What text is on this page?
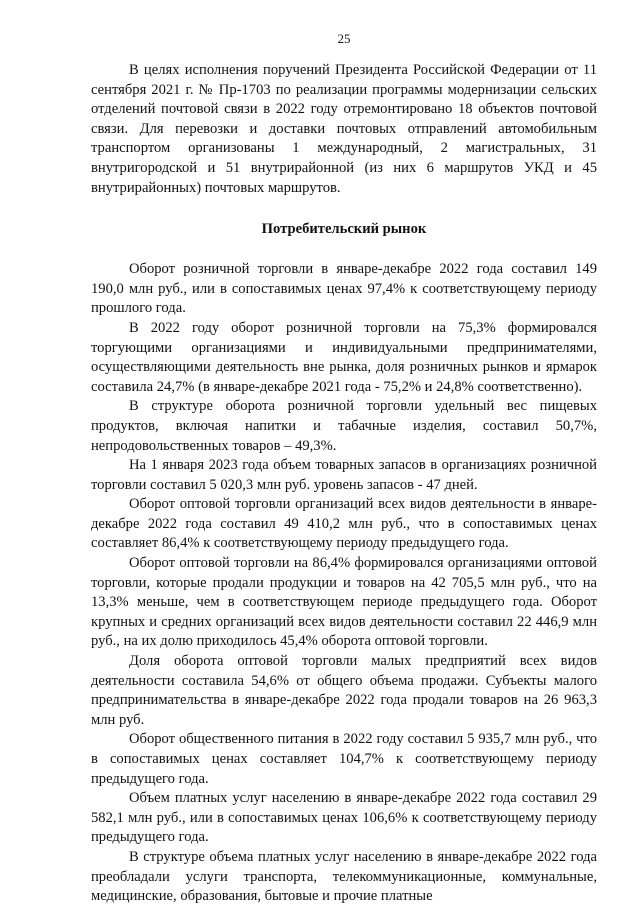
25

В целях исполнения поручений Президента Российской Федерации от 11 сентября 2021 г. № Пр-1703 по реализации программы модернизации сельских отделений почтовой связи в 2022 году отремонтировано 18 объектов почтовой связи. Для перевозки и доставки почтовых отправлений автомобильным транспортом организованы 1 международный, 2 магистральных, 31 внутригородской и 51 внутрирайонной (из них 6 маршрутов УКД и 45 внутрирайонных) почтовых маршрутов.

Потребительский рынок

Оборот розничной торговли в январе-декабре 2022 года составил 149 190,0 млн руб., или в сопоставимых ценах 97,4% к соответствующему периоду прошлого года.

В 2022 году оборот розничной торговли на 75,3% формировался торгующими организациями и индивидуальными предпринимателями, осуществляющими деятельность вне рынка, доля розничных рынков и ярмарок составила 24,7% (в январе-декабре 2021 года - 75,2% и 24,8% соответственно).

В структуре оборота розничной торговли удельный вес пищевых продуктов, включая напитки и табачные изделия, составил 50,7%, непродовольственных товаров – 49,3%.

На 1 января 2023 года объем товарных запасов в организациях розничной торговли составил 5 020,3 млн руб. уровень запасов - 47 дней.

Оборот оптовой торговли организаций всех видов деятельности в январе-декабре 2022 года составил 49 410,2 млн руб., что в сопоставимых ценах составляет 86,4% к соответствующему периоду предыдущего года.

Оборот оптовой торговли на 86,4% формировался организациями оптовой торговли, которые продали продукции и товаров на 42 705,5 млн руб., что на 13,3% меньше, чем в соответствующем периоде предыдущего года. Оборот крупных и средних организаций всех видов деятельности составил 22 446,9 млн руб., на их долю приходилось 45,4% оборота оптовой торговли.

Доля оборота оптовой торговли малых предприятий всех видов деятельности составила 54,6% от общего объема продажи. Субъекты малого предпринимательства в январе-декабре 2022 года продали товаров на 26 963,3 млн руб.

Оборот общественного питания в 2022 году составил 5 935,7 млн руб., что в сопоставимых ценах составляет 104,7% к соответствующему периоду предыдущего года.

Объем платных услуг населению в январе-декабре 2022 года составил 29 582,1 млн руб., или в сопоставимых ценах 106,6% к соответствующему периоду предыдущего года.

В структуре объема платных услуг населению в январе-декабре 2022 года преобладали услуги транспорта, телекоммуникационные, коммунальные, медицинские, образования, бытовые и прочие платные
